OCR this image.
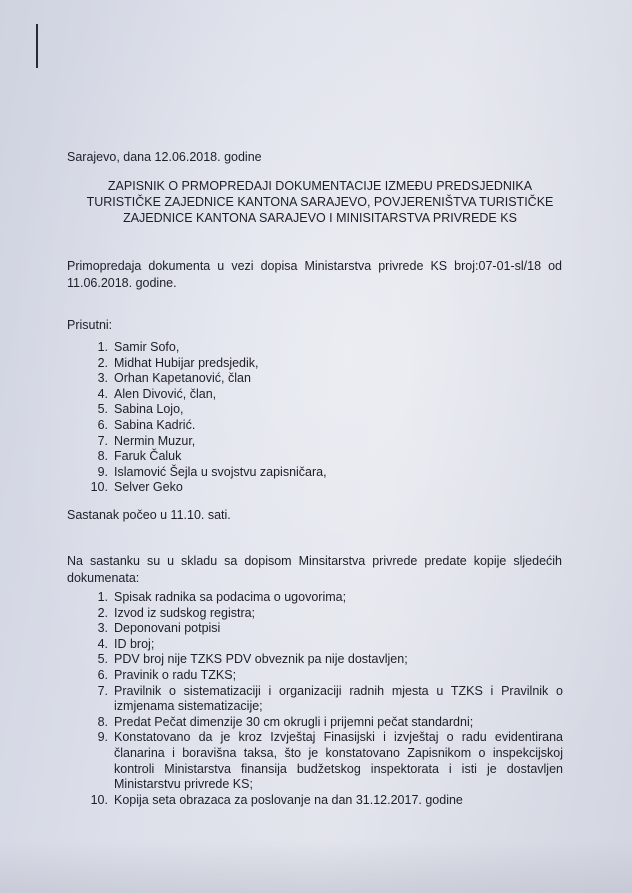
Sarajevo, dana 12.06.2018. godine
ZAPISNIK O PRMOPREDAJI DOKUMENTACIJE IZMEĐU PREDSJEDNIKA
TURISTIČKE ZAJEDNICE KANTONA SARAJEVO, POVJERENIŠTVA TURISTIČKE
ZAJEDNICE KANTONA SARAJEVO I MINISITARSTVA PRIVREDE KS
Primopredaja dokumenta u vezi dopisa Ministarstva privrede KS broj:07-01-sl/18 od 11.06.2018. godine.
Prisutni:
1. Samir Sofo,
2. Midhat Hubijar predsjedik,
3. Orhan Kapetanović, član
4. Alen Divović, član,
5. Sabina Lojo,
6. Sabina Kadrić.
7. Nermin Muzur,
8. Faruk Čaluk
9. Islamović Šejla u svojstvu zapisničara,
10. Selver Geko
Sastanak počeo u 11.10. sati.
Na sastanku su u skladu sa dopisom Minsitarstva privrede predate kopije sljedećih dokumenata:
1. Spisak radnika sa podacima o ugovorima;
2. Izvod iz sudskog registra;
3. Deponovani potpisi
4. ID broj;
5. PDV broj nije TZKS PDV obveznik pa nije dostavljen;
6. Pravinik o radu TZKS;
7. Pravilnik o sistematizaciji i organizaciji radnih mjesta u TZKS i Pravilnik o izmjenama sistematizacije;
8. Predat Pečat dimenzije 30 cm okrugli i prijemni pečat standardni;
9. Konstatovano da je kroz Izvještaj Finasijski i izvještaj o radu evidentirana članarina i boravišna taksa, što je konstatovano Zapisnikom o inspekcijskoj kontroli Ministarstva finansija budžetskog inspektorata i isti je dostavljen Ministarstvu privrede KS;
10. Kopija seta obrazaca za poslovanje na dan 31.12.2017. godine
